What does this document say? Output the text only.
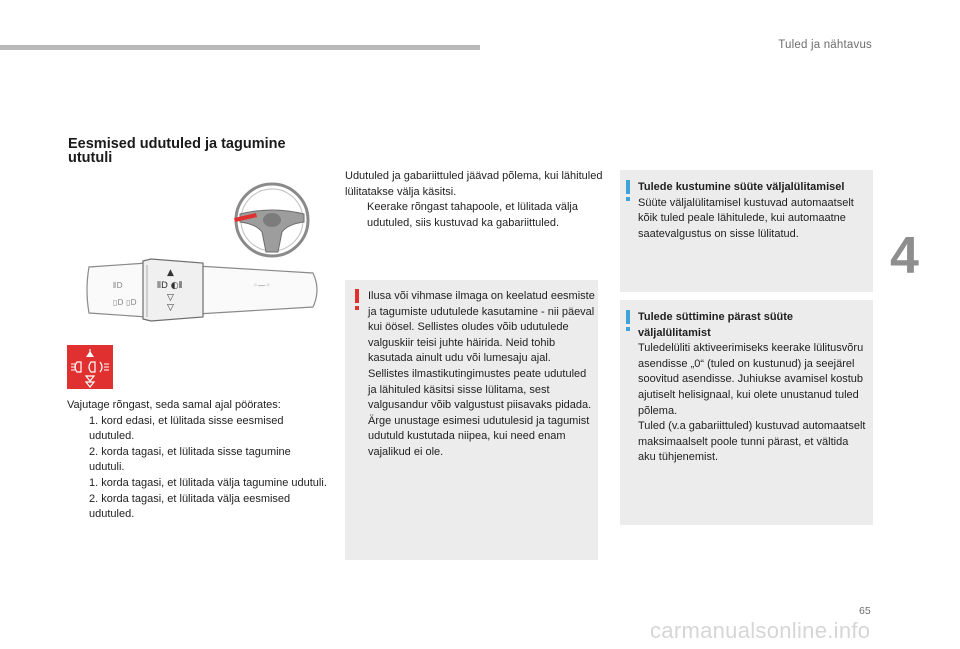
Tuled ja nähtavus
4
Eesmised udutuled ja tagumine ututuli
▲
⦀D ◐⦀
▽
▽
⦀D
▯D ▯D
◦—◦
Vajutage rõngast, seda samal ajal pöörates:
1. kord edasi, et lülitada sisse eesmised udutuled.
2. korda tagasi, et lülitada sisse tagumine udutuli.
1. korda tagasi, et lülitada välja tagumine udutuli.
2. korda tagasi, et lülitada välja eesmised udutuled.
Udutuled ja gabariittuled jäävad põlema, kui lähituled lülitatakse välja käsitsi.
Keerake rõngast tahapoole, et lülitada välja udutuled, siis kustuvad ka gabariittuled.
Ilusa või vihmase ilmaga on keelatud eesmiste ja tagumiste udutulede kasutamine - nii päeval kui öösel. Sellistes oludes võib udutulede valguskiir teisi juhte häirida. Neid tohib kasutada ainult udu või lumesaju ajal.
Sellistes ilmastikutingimustes peate udutuled ja lähituled käsitsi sisse lülitama, sest valgusandur võib valgustust piisavaks pidada.
Ärge unustage esimesi udutulesid ja tagumist udutuld kustutada niipea, kui need enam vajalikud ei ole.
Tulede kustumine süüte väljalülitamisel
Süüte väljalülitamisel kustuvad automaatselt kõik tuled peale lähitulede, kui automaatne saatevalgustus on sisse lülitatud.
Tulede süttimine pärast süüte väljalülitamist
Tuledelüliti aktiveerimiseks keerake lülitusvõru asendisse „0“ (tuled on kustunud) ja seejärel soovitud asendisse. Juhiukse avamisel kostub ajutiselt helisignaal, kui olete unustanud tuled põlema.
Tuled (v.a gabariittuled) kustuvad automaatselt maksimaalselt poole tunni pärast, et vältida aku tühjenemist.
65
carmanualsonline.info
